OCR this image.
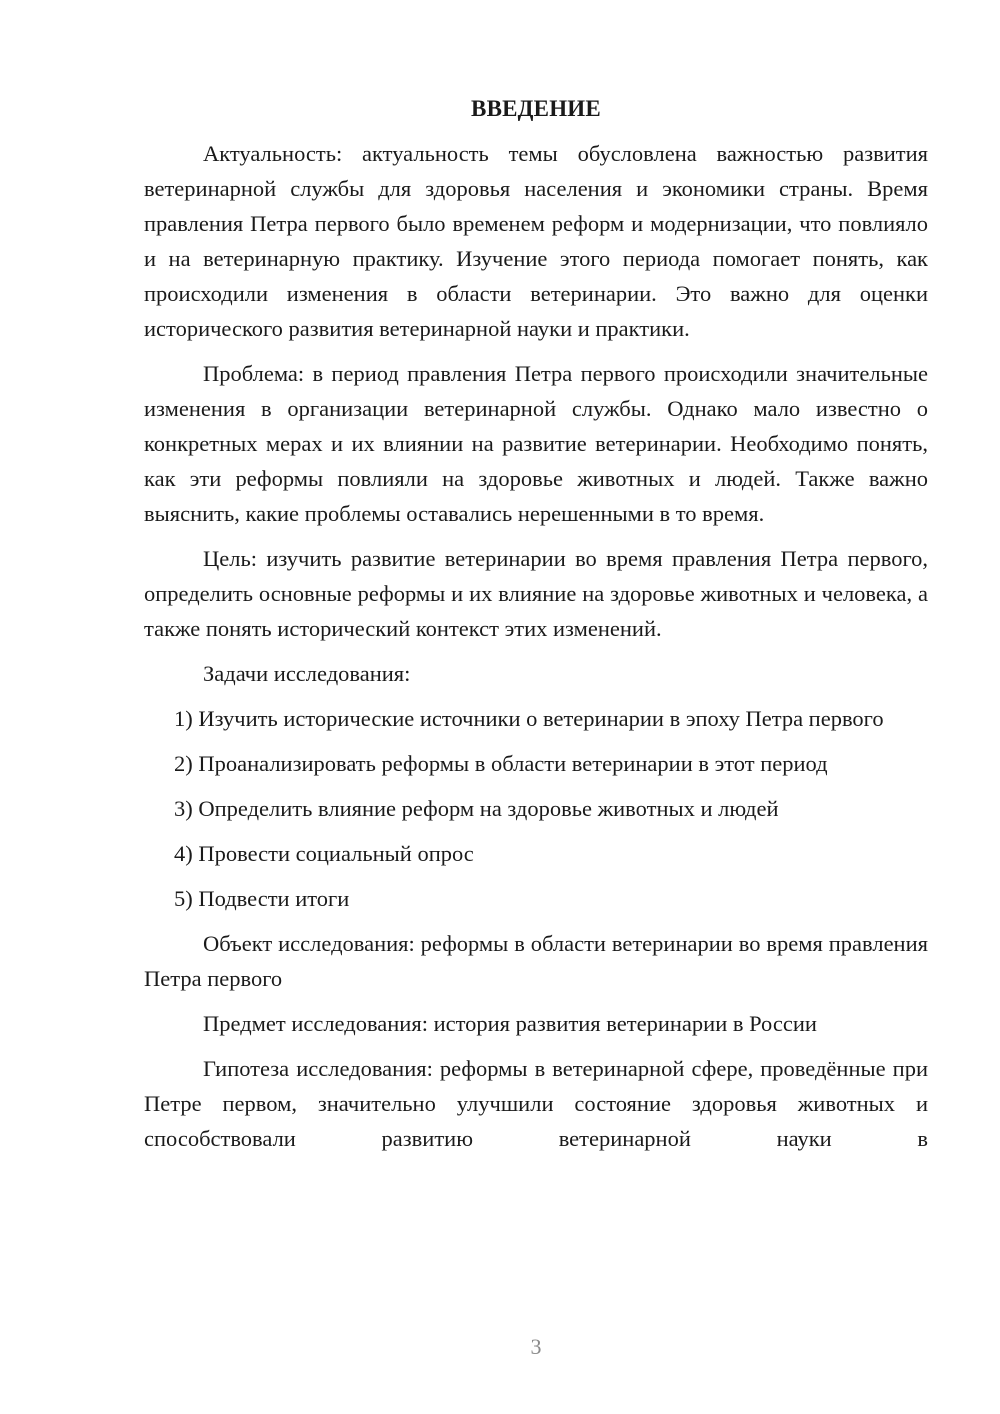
ВВЕДЕНИЕ

Актуальность: актуальность темы обусловлена важностью развития ветеринарной службы для здоровья населения и экономики страны. Время правления Петра первого было временем реформ и модернизации, что повлияло и на ветеринарную практику. Изучение этого периода помогает понять, как происходили изменения в области ветеринарии. Это важно для оценки исторического развития ветеринарной науки и практики.

Проблема: в период правления Петра первого происходили значительные изменения в организации ветеринарной службы. Однако мало известно о конкретных мерах и их влиянии на развитие ветеринарии. Необходимо понять, как эти реформы повлияли на здоровье животных и людей. Также важно выяснить, какие проблемы оставались нерешенными в то время.

Цель: изучить развитие ветеринарии во время правления Петра первого, определить основные реформы и их влияние на здоровье животных и человека, а также понять исторический контекст этих изменений.

Задачи исследования:

1) Изучить исторические источники о ветеринарии в эпоху Петра первого

2) Проанализировать реформы в области ветеринарии в этот период

3) Определить влияние реформ на здоровье животных и людей

4) Провести социальный опрос

5) Подвести итоги

Объект исследования: реформы в области ветеринарии во время правления Петра первого

Предмет исследования: история развития ветеринарии в России

Гипотеза исследования: реформы в ветеринарной сфере, проведённые при Петре первом, значительно улучшили состояние здоровья животных и способствовали развитию ветеринарной науки в

3
